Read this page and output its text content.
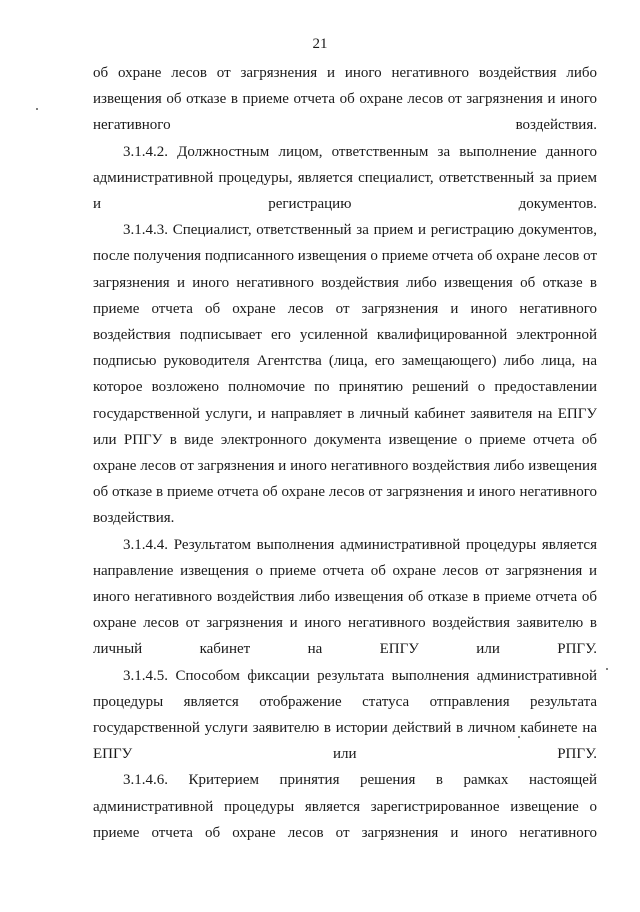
21

об охране лесов от загрязнения и иного негативного воздействия либо извещения об отказе в приеме отчета об охране лесов от загрязнения и иного негативного воздействия.

3.1.4.2. Должностным лицом, ответственным за выполнение данного административной процедуры, является специалист, ответственный за прием и регистрацию документов.

3.1.4.3. Специалист, ответственный за прием и регистрацию документов, после получения подписанного извещения о приеме отчета об охране лесов от загрязнения и иного негативного воздействия либо извещения об отказе в приеме отчета об охране лесов от загрязнения и иного негативного воздействия подписывает его усиленной квалифицированной электронной подписью руководителя Агентства (лица, его замещающего) либо лица, на которое возложено полномочие по принятию решений о предоставлении государственной услуги, и направляет в личный кабинет заявителя на ЕПГУ или РПГУ в виде электронного документа извещение о приеме отчета об охране лесов от загрязнения и иного негативного воздействия либо извещения об отказе в приеме отчета об охране лесов от загрязнения и иного негативного воздействия.

3.1.4.4. Результатом выполнения административной процедуры является направление извещения о приеме отчета об охране лесов от загрязнения и иного негативного воздействия либо извещения об отказе в приеме отчета об охране лесов от загрязнения и иного негативного воздействия заявителю в личный кабинет на ЕПГУ или РПГУ.

3.1.4.5. Способом фиксации результата выполнения административной процедуры является отображение статуса отправления результата государственной услуги заявителю в истории действий в личном кабинете на ЕПГУ или РПГУ.

3.1.4.6. Критерием принятия решения в рамках настоящей административной процедуры является зарегистрированное извещение о приеме отчета об охране лесов от загрязнения и иного негативного
